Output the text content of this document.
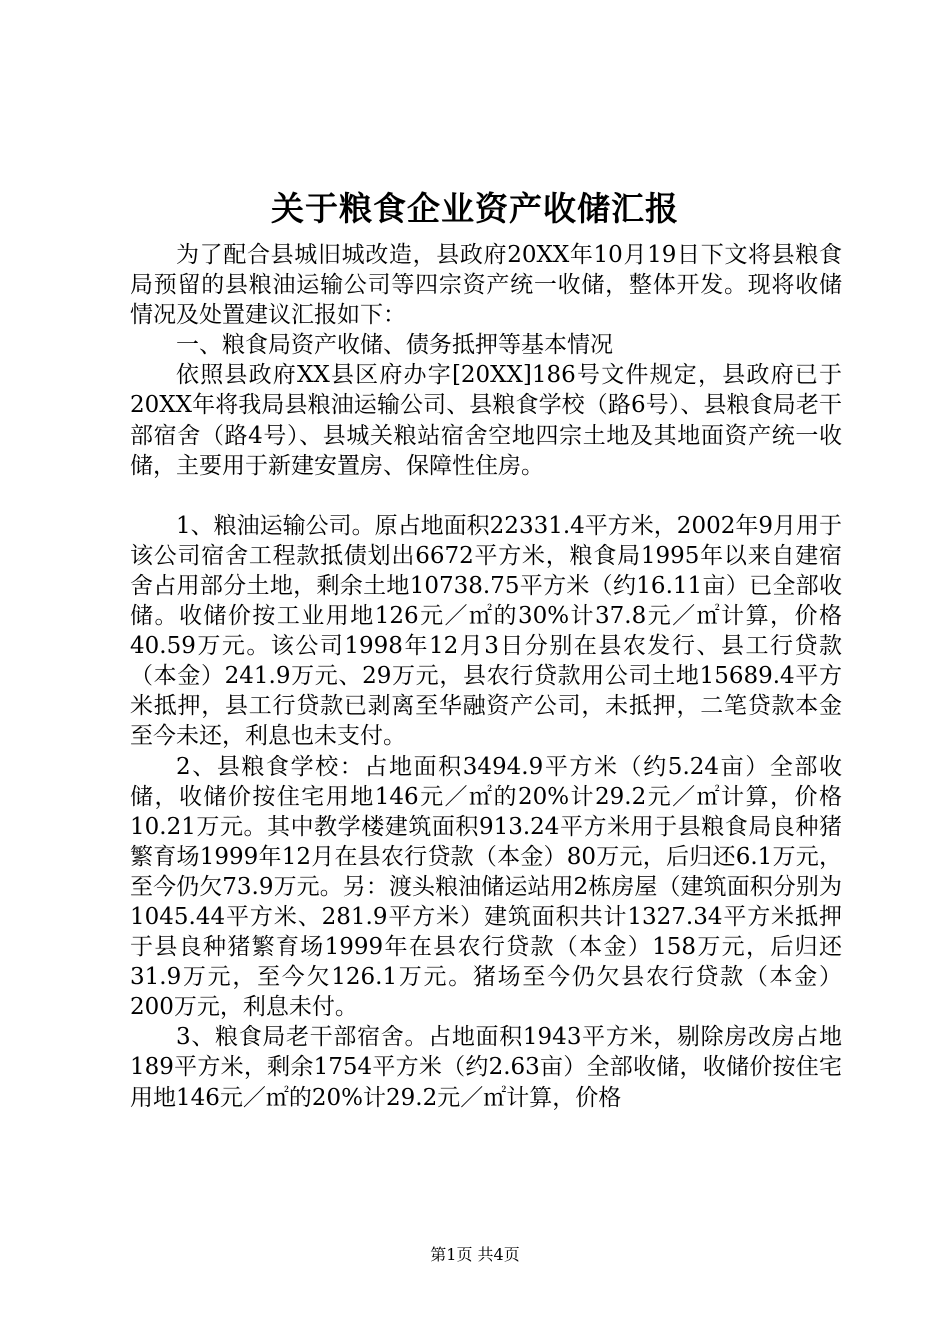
关于粮食企业资产收储汇报

为了配合县城旧城改造，县政府20XX年10月19日下文将县粮食局预留的县粮油运输公司等四宗资产统一收储，整体开发。现将收储情况及处置建议汇报如下：

一、粮食局资产收储、债务抵押等基本情况

依照县政府XX县区府办字[20XX]186号文件规定，县政府已于20XX年将我局县粮油运输公司、县粮食学校（路6号）、县粮食局老干部宿舍（路4号）、县城关粮站宿舍空地四宗土地及其地面资产统一收储，主要用于新建安置房、保障性住房。

1、粮油运输公司。原占地面积22331.4平方米，2002年9月用于该公司宿舍工程款抵债划出6672平方米，粮食局1995年以来自建宿舍占用部分土地，剩余土地10738.75平方米（约16.11亩）已全部收储。收储价按工业用地126元／㎡的30%计37.8元／㎡计算，价格40.59万元。该公司1998年12月3日分别在县农发行、县工行贷款（本金）241.9万元、29万元，县农行贷款用公司土地15689.4平方米抵押，县工行贷款已剥离至华融资产公司，未抵押，二笔贷款本金至今未还，利息也未支付。

2、县粮食学校：占地面积3494.9平方米（约5.24亩）全部收储，收储价按住宅用地146元／㎡的20%计29.2元／㎡计算，价格10.21万元。其中教学楼建筑面积913.24平方米用于县粮食局良种猪繁育场1999年12月在县农行贷款（本金）80万元，后归还6.1万元，至今仍欠73.9万元。另：渡头粮油储运站用2栋房屋（建筑面积分别为1045.44平方米、281.9平方米）建筑面积共计1327.34平方米抵押于县良种猪繁育场1999年在县农行贷款（本金）158万元，后归还31.9万元，至今欠126.1万元。猪场至今仍欠县农行贷款（本金）200万元，利息未付。

3、粮食局老干部宿舍。占地面积1943平方米，剔除房改房占地189平方米，剩余1754平方米（约2.63亩）全部收储，收储价按住宅用地146元／㎡的20%计29.2元／㎡计算，价格

第1页 共4页
